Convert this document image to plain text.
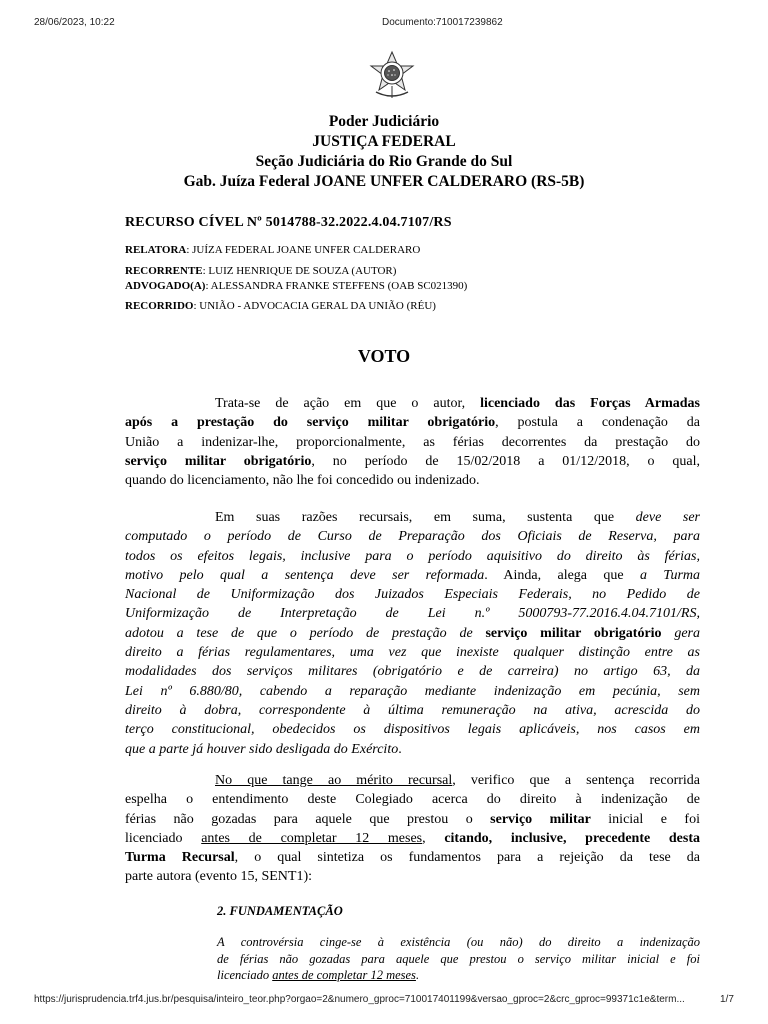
28/06/2023, 10:22	Documento:710017239862
Poder Judiciário
JUSTIÇA FEDERAL
Seção Judiciária do Rio Grande do Sul
Gab. Juíza Federal JOANE UNFER CALDERARO (RS-5B)
RECURSO CÍVEL Nº 5014788-32.2022.4.04.7107/RS
RELATORA: JUÍZA FEDERAL JOANE UNFER CALDERARO
RECORRENTE: LUIZ HENRIQUE DE SOUZA (AUTOR)
ADVOGADO(A): ALESSANDRA FRANKE STEFFENS (OAB SC021390)
RECORRIDO: UNIÃO - ADVOCACIA GERAL DA UNIÃO (RÉU)
VOTO
Trata-se de ação em que o autor, licenciado das Forças Armadas
após a prestação do serviço militar obrigatório, postula a condenação da
União a indenizar-lhe, proporcionalmente, as férias decorrentes da prestação do
serviço militar obrigatório, no período de 15/02/2018 a 01/12/2018, o qual,
quando do licenciamento, não lhe foi concedido ou indenizado.
Em suas razões recursais, em suma, sustenta que deve ser
computado o período de Curso de Preparação dos Oficiais de Reserva, para
todos os efeitos legais, inclusive para o período aquisitivo do direito às férias,
motivo pelo qual a sentença deve ser reformada. Ainda, alega que a Turma
Nacional de Uniformização dos Juizados Especiais Federais, no Pedido de
Uniformização de Interpretação de Lei n.º 5000793-77.2016.4.04.7101/RS,
adotou a tese de que o período de prestação de serviço militar obrigatório gera
direito a férias regulamentares, uma vez que inexiste qualquer distinção entre as
modalidades dos serviços militares (obrigatório e de carreira) no artigo 63, da
Lei nº 6.880/80, cabendo a reparação mediante indenização em pecúnia, sem
direito à dobra, correspondente à última remuneração na ativa, acrescida do
terço constitucional, obedecidos os dispositivos legais aplicáveis, nos casos em
que a parte já houver sido desligada do Exército.
No que tange ao mérito recursal, verifico que a sentença recorrida
espelha o entendimento deste Colegiado acerca do direito à indenização de
férias não gozadas para aquele que prestou o serviço militar inicial e foi
licenciado antes de completar 12 meses, citando, inclusive, precedente desta
Turma Recursal, o qual sintetiza os fundamentos para a rejeição da tese da
parte autora (evento 15, SENT1):
2. FUNDAMENTAÇÃO
A controvérsia cinge-se à existência (ou não) do direito a indenização
de férias não gozadas para aquele que prestou o serviço militar inicial e foi
licenciado antes de completar 12 meses.
https://jurisprudencia.trf4.jus.br/pesquisa/inteiro_teor.php?orgao=2&numero_gproc=710017401199&versao_gproc=2&crc_gproc=99371c1e&term...	1/7
